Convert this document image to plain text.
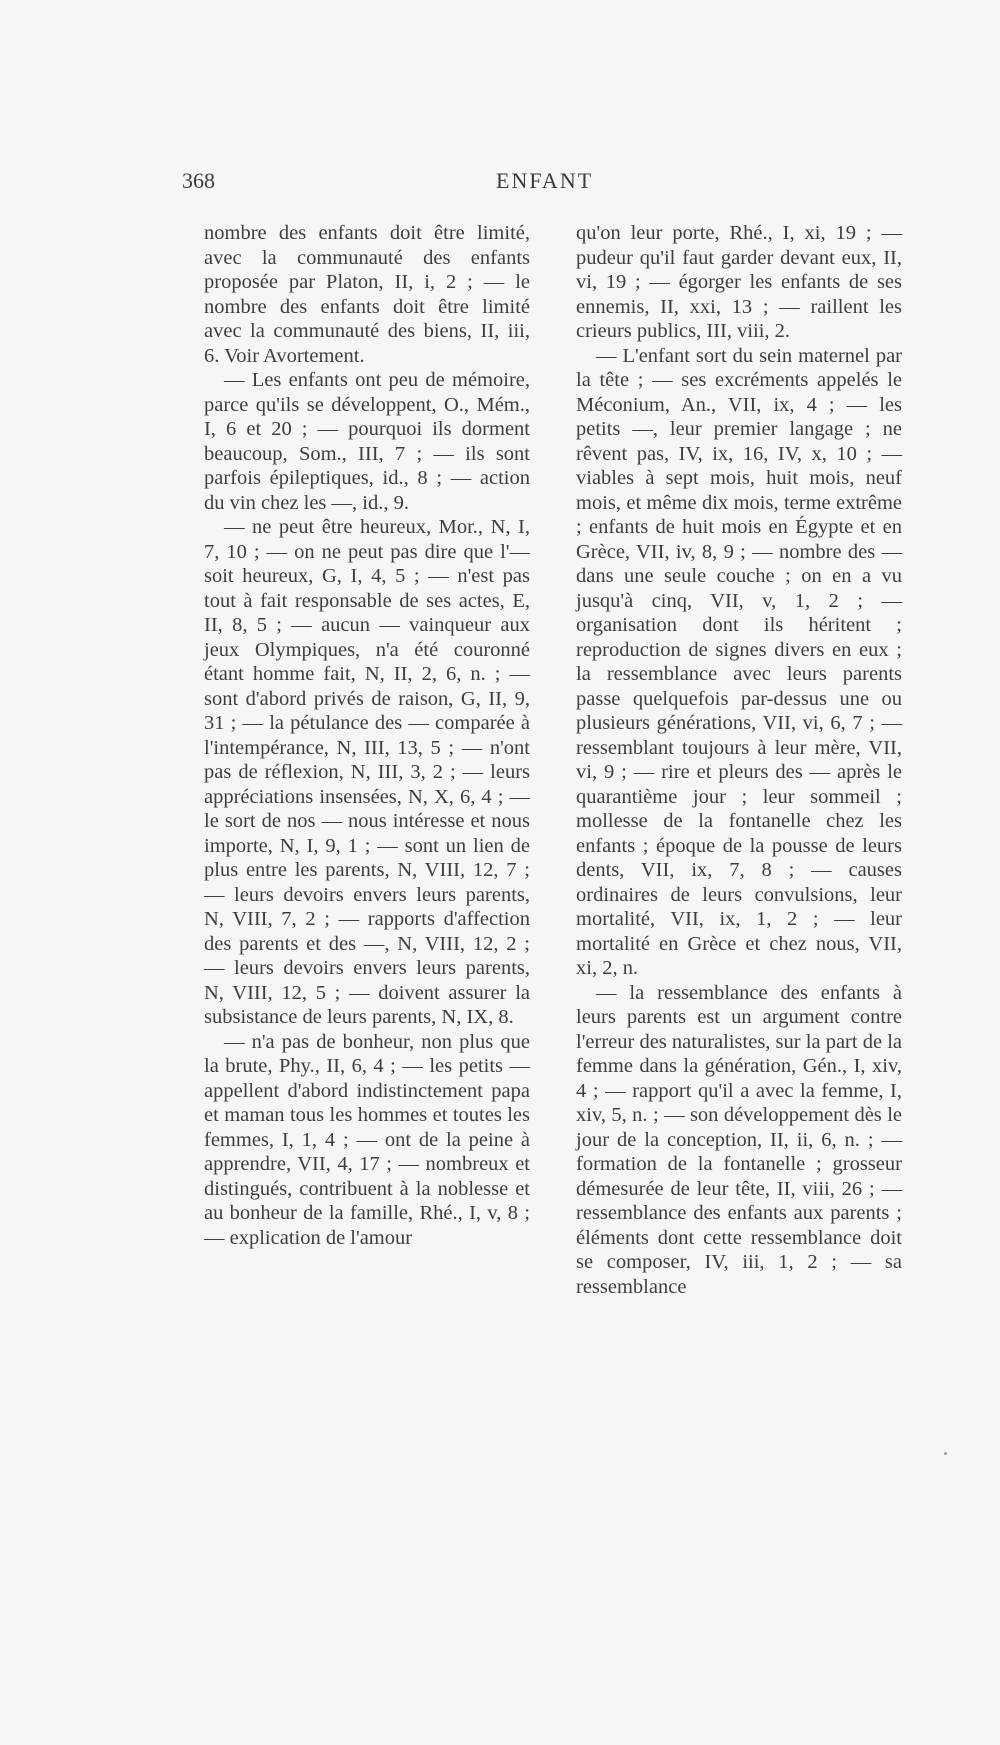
368	ENFANT

nombre des enfants doit être limité, avec la communauté des enfants proposée par Platon, II, i, 2 ; — le nombre des enfants doit être limité avec la communauté des biens, II, iii, 6. Voir Avortement.

— Les enfants ont peu de mémoire, parce qu'ils se développent, O., Mém., I, 6 et 20 ; — pourquoi ils dorment beaucoup, Som., III, 7 ; — ils sont parfois épileptiques, id., 8 ; — action du vin chez les —, id., 9.

— ne peut être heureux, Mor., N, I, 7, 10 ; — on ne peut pas dire que l'— soit heureux, G, I, 4, 5 ; — n'est pas tout à fait responsable de ses actes, E, II, 8, 5 ; — aucun — vainqueur aux jeux Olympiques, n'a été couronné étant homme fait, N, II, 2, 6, n. ; — sont d'abord privés de raison, G, II, 9, 31 ; — la pétulance des — comparée à l'intempérance, N, III, 13, 5 ; — n'ont pas de réflexion, N, III, 3, 2 ; — leurs appréciations insensées, N, X, 6, 4 ; — le sort de nos — nous intéresse et nous importe, N, I, 9, 1 ; — sont un lien de plus entre les parents, N, VIII, 12, 7 ; — leurs devoirs envers leurs parents, N, VIII, 7, 2 ; — rapports d'affection des parents et des —, N, VIII, 12, 2 ; — leurs devoirs envers leurs parents, N, VIII, 12, 5 ; — doivent assurer la subsistance de leurs parents, N, IX, 8.

— n'a pas de bonheur, non plus que la brute, Phy., II, 6, 4 ; — les petits — appellent d'abord indistinctement papa et maman tous les hommes et toutes les femmes, I, 1, 4 ; — ont de la peine à apprendre, VII, 4, 17 ; — nombreux et distingués, contribuent à la noblesse et au bonheur de la famille, Rhé., I, v, 8 ; — explication de l'amour

qu'on leur porte, Rhé., I, xi, 19 ; — pudeur qu'il faut garder devant eux, II, vi, 19 ; — égorger les enfants de ses ennemis, II, xxi, 13 ; — raillent les crieurs publics, III, viii, 2.

— L'enfant sort du sein maternel par la tête ; — ses excréments appelés le Méconium, An., VII, ix, 4 ; — les petits —, leur premier langage ; ne rêvent pas, IV, ix, 16, IV, x, 10 ; — viables à sept mois, huit mois, neuf mois, et même dix mois, terme extrême ; enfants de huit mois en Égypte et en Grèce, VII, iv, 8, 9 ; — nombre des — dans une seule couche ; on en a vu jusqu'à cinq, VII, v, 1, 2 ; — organisation dont ils héritent ; reproduction de signes divers en eux ; la ressemblance avec leurs parents passe quelquefois par-dessus une ou plusieurs générations, VII, vi, 6, 7 ; — ressemblant toujours à leur mère, VII, vi, 9 ; — rire et pleurs des — après le quarantième jour ; leur sommeil ; mollesse de la fontanelle chez les enfants ; époque de la pousse de leurs dents, VII, ix, 7, 8 ; — causes ordinaires de leurs convulsions, leur mortalité, VII, ix, 1, 2 ; — leur mortalité en Grèce et chez nous, VII, xi, 2, n.

— la ressemblance des enfants à leurs parents est un argument contre l'erreur des naturalistes, sur la part de la femme dans la génération, Gén., I, xiv, 4 ; — rapport qu'il a avec la femme, I, xiv, 5, n. ; — son développement dès le jour de la conception, II, ii, 6, n. ; — formation de la fontanelle ; grosseur démesurée de leur tête, II, viii, 26 ; — ressemblance des enfants aux parents ; éléments dont cette ressemblance doit se composer, IV, iii, 1, 2 ; — sa ressemblance
